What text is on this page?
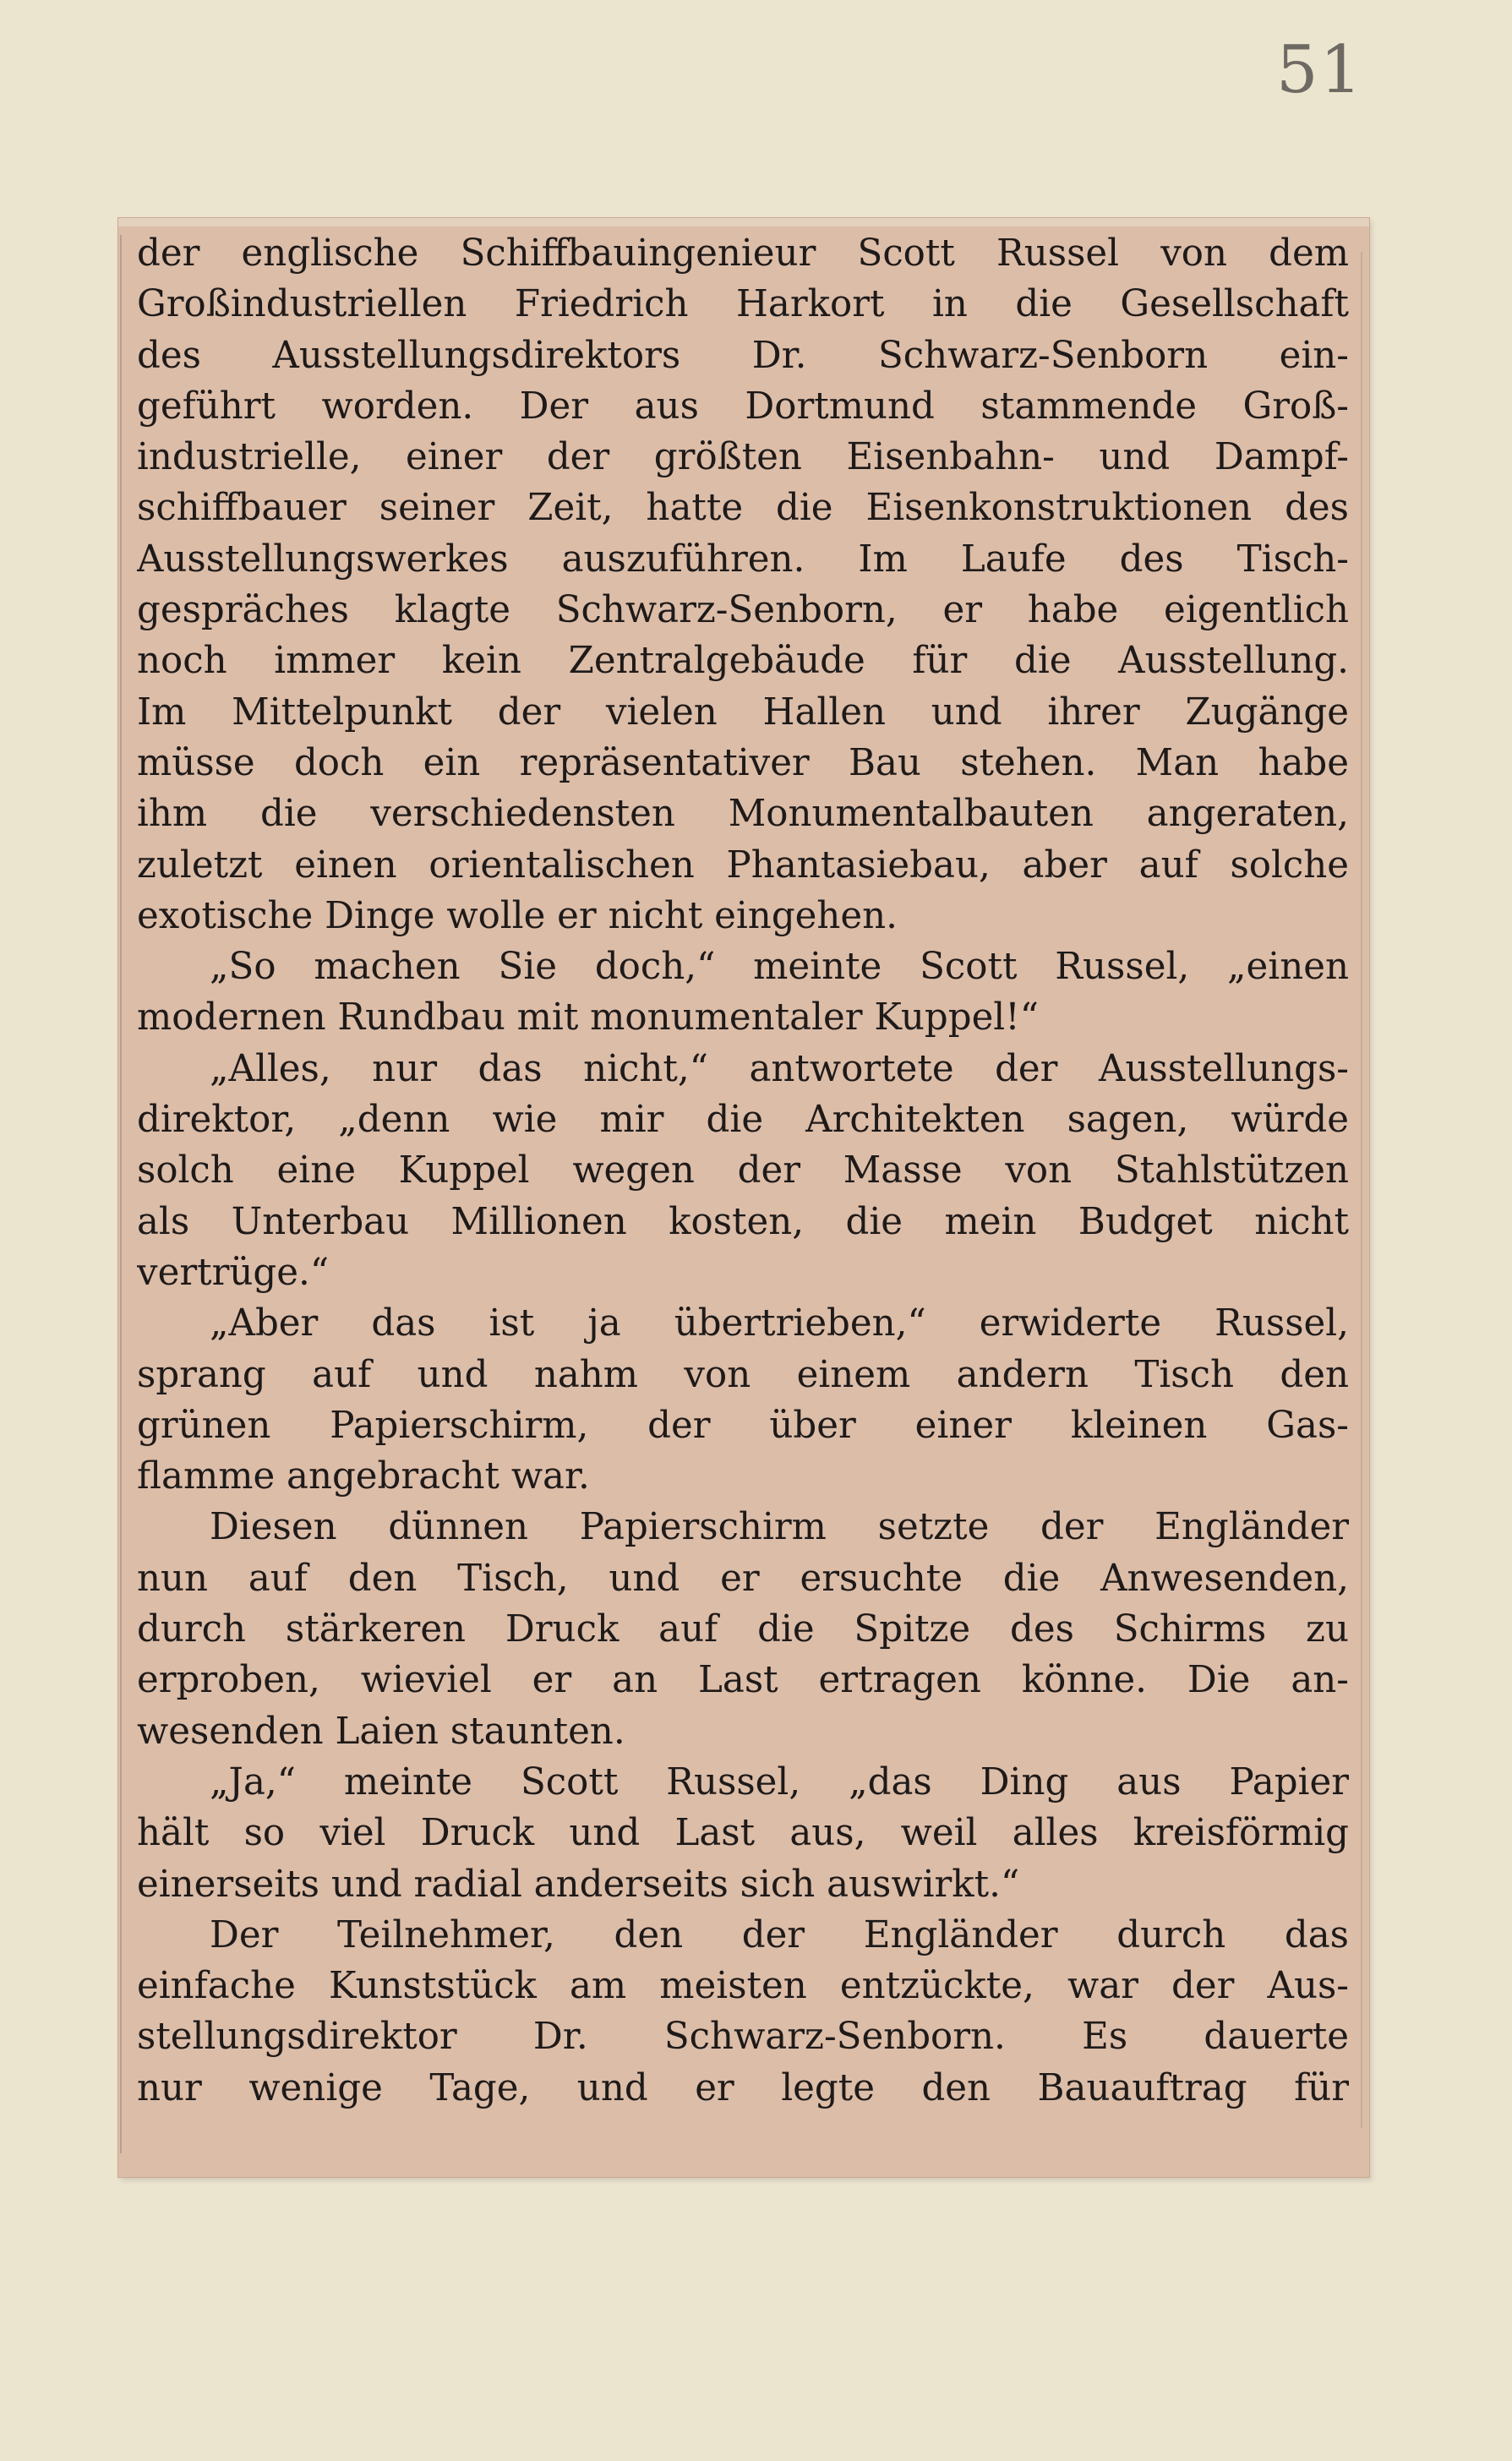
51
der englische Schiffbauingenieur Scott Russel von dem
Großindustriellen Friedrich Harkort in die Gesellschaft
des Ausstellungsdirektors Dr. Schwarz-Senborn ein-
geführt worden. Der aus Dortmund stammende Groß-
industrielle, einer der größten Eisenbahn- und Dampf-
schiffbauer seiner Zeit, hatte die Eisenkonstruktionen des
Ausstellungswerkes auszuführen. Im Laufe des Tisch-
gespräches klagte Schwarz-Senborn, er habe eigentlich
noch immer kein Zentralgebäude für die Ausstellung.
Im Mittelpunkt der vielen Hallen und ihrer Zugänge
müsse doch ein repräsentativer Bau stehen. Man habe
ihm die verschiedensten Monumentalbauten angeraten,
zuletzt einen orientalischen Phantasiebau, aber auf solche
exotische Dinge wolle er nicht eingehen.
„So machen Sie doch,“ meinte Scott Russel, „einen
modernen Rundbau mit monumentaler Kuppel!“
„Alles, nur das nicht,“ antwortete der Ausstellungs-
direktor, „denn wie mir die Architekten sagen, würde
solch eine Kuppel wegen der Masse von Stahlstützen
als Unterbau Millionen kosten, die mein Budget nicht
vertrüge.“
„Aber das ist ja übertrieben,“ erwiderte Russel,
sprang auf und nahm von einem andern Tisch den
grünen Papierschirm, der über einer kleinen Gas-
flamme angebracht war.
Diesen dünnen Papierschirm setzte der Engländer
nun auf den Tisch, und er ersuchte die Anwesenden,
durch stärkeren Druck auf die Spitze des Schirms zu
erproben, wieviel er an Last ertragen könne. Die an-
wesenden Laien staunten.
„Ja,“ meinte Scott Russel, „das Ding aus Papier
hält so viel Druck und Last aus, weil alles kreisförmig
einerseits und radial anderseits sich auswirkt.“
Der Teilnehmer, den der Engländer durch das
einfache Kunststück am meisten entzückte, war der Aus-
stellungsdirektor Dr. Schwarz-Senborn. Es dauerte
nur wenige Tage, und er legte den Bauauftrag für
